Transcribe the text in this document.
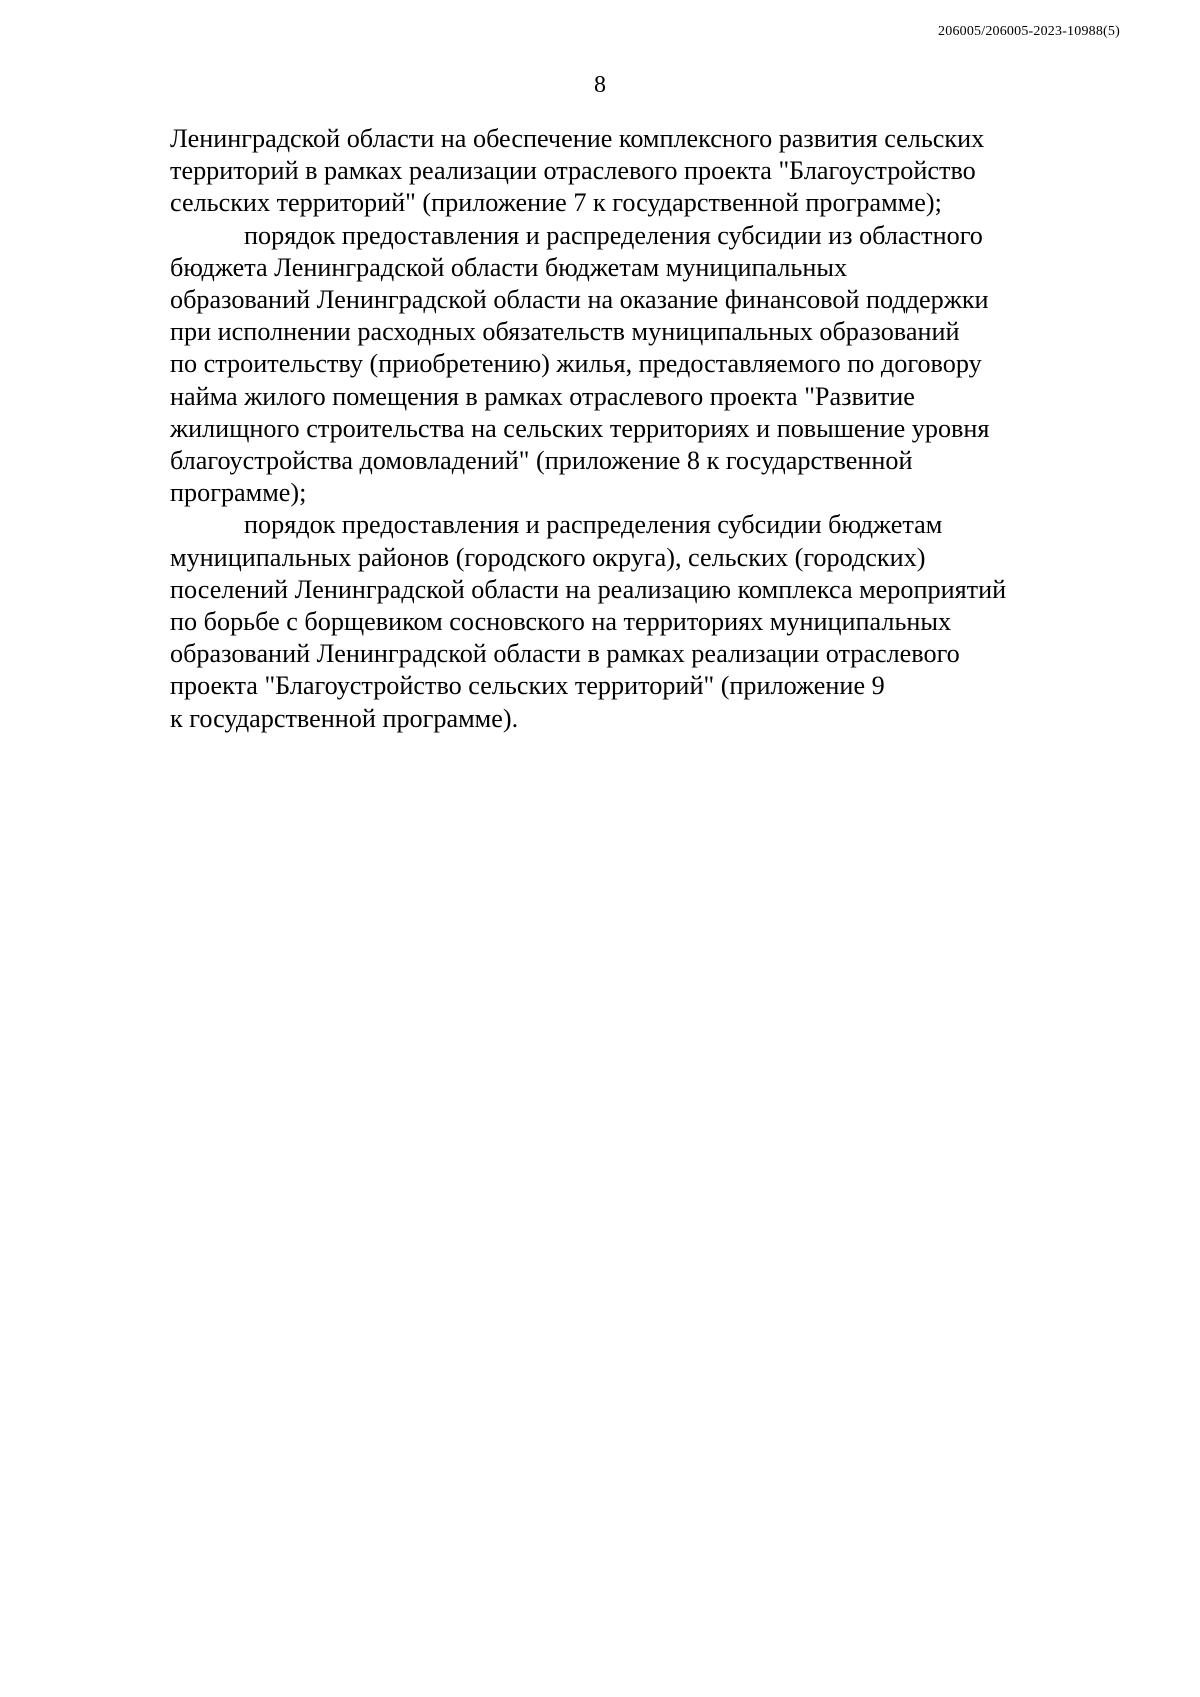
206005/206005-2023-10988(5)
8
Ленинградской области на обеспечение комплексного развития сельских
территорий в рамках реализации отраслевого проекта "Благоустройство
сельских территорий" (приложение 7 к государственной программе);
порядок предоставления и распределения субсидии из областного
бюджета Ленинградской области бюджетам муниципальных
образований Ленинградской области на оказание финансовой поддержки
при исполнении расходных обязательств муниципальных образований
по строительству (приобретению) жилья, предоставляемого по договору
найма жилого помещения в рамках отраслевого проекта "Развитие
жилищного строительства на сельских территориях и повышение уровня
благоустройства домовладений" (приложение 8 к государственной
программе);
порядок предоставления и распределения субсидии бюджетам
муниципальных районов (городского округа), сельских (городских)
поселений Ленинградской области на реализацию комплекса мероприятий
по борьбе с борщевиком сосновского на территориях муниципальных
образований Ленинградской области в рамках реализации отраслевого
проекта "Благоустройство сельских территорий" (приложение 9
к государственной программе).
